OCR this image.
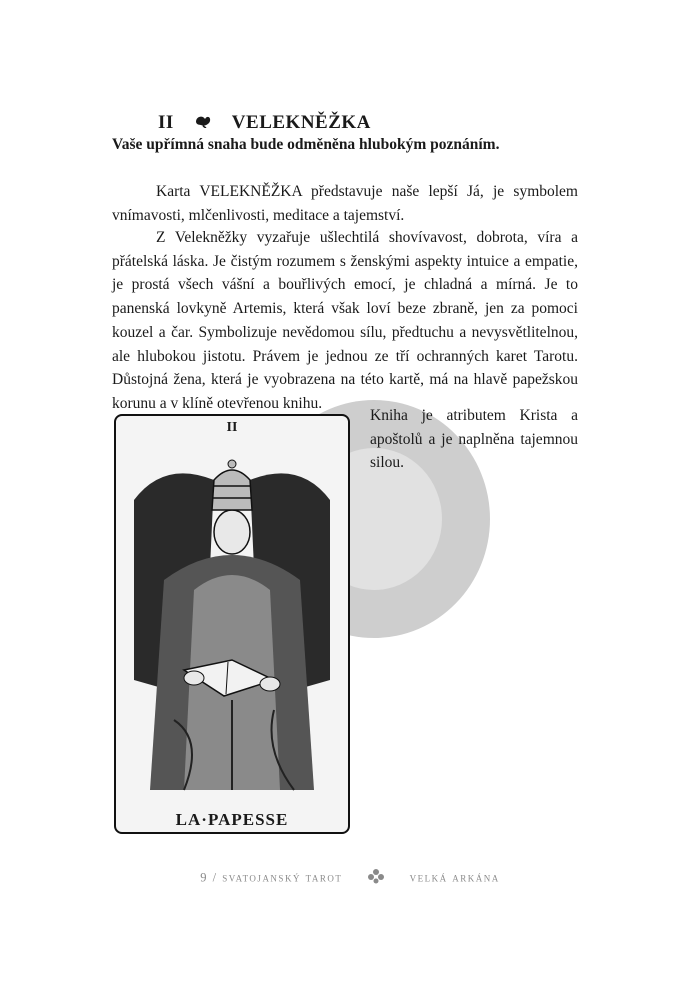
II	VELEKNĚŽKA
Vaše upřímná snaha bude odměněna hlubokým poznáním.

Karta VELEKNĚŽKA představuje naše lepší Já, je symbolem vnímavosti, mlčenlivosti, meditace a tajemství.

Z Velekněžky vyzařuje ušlechtilá shovívavost, dobrota, víra a přátelská láska. Je čistým rozumem s ženskými aspekty intuice a empatie, je prostá všech vášní a bouřlivých emocí, je chladná a mírná. Je to panenská lovkyně Artemis, která však loví beze zbraně, jen za pomoci kouzel a čar. Symbolizuje nevědomou sílu, předtuchu a nevysvětlitelnou, ale hlubokou jistotu. Právem je jednou ze tří ochranných karet Tarotu. Důstojná žena, která je vyobrazena na této kartě, má na hlavě papežskou korunu a v klíně otevřenou knihu.

Kniha je atributem Krista a apoštolů a je naplněna tajemnou silou.

II
LA·PAPESSE
9 / svatojanský tarot	velká arkána
